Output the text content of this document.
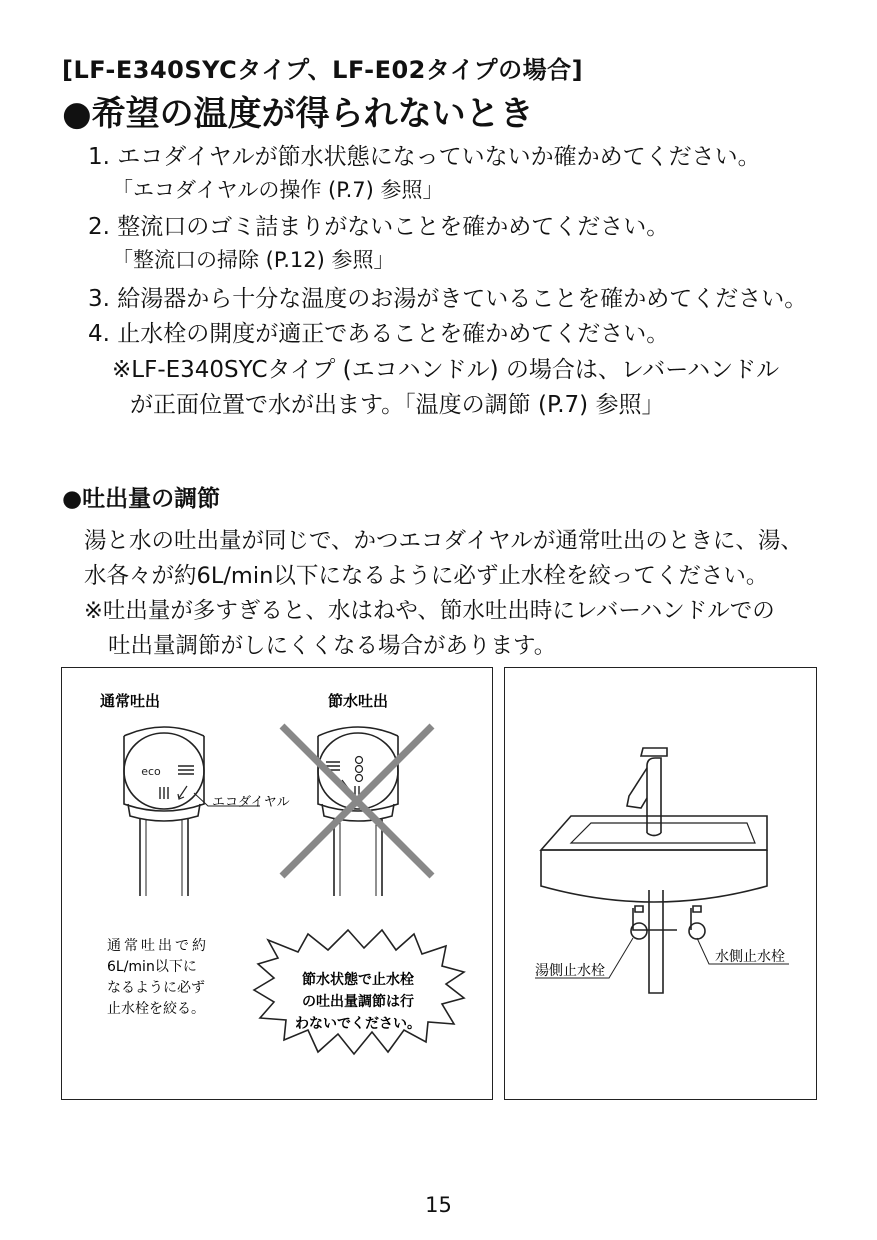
[LF-E340SYCタイプ、LF-E02タイプの場合]
●希望の温度が得られないとき
1. エコダイヤルが節水状態になっていないか確かめてください。
「エコダイヤルの操作 (P.7) 参照」
2. 整流口のゴミ詰まりがないことを確かめてください。
「整流口の掃除 (P.12) 参照」
3. 給湯器から十分な温度のお湯がきていることを確かめてください。
4. 止水栓の開度が適正であることを確かめてください。
※LF-E340SYCタイプ (エコハンドル) の場合は、レバーハンドル
が正面位置で水が出ます。「温度の調節 (P.7) 参照」
●吐出量の調節
湯と水の吐出量が同じで、かつエコダイヤルが通常吐出のときに、湯、
水各々が約6L/min以下になるように必ず止水栓を絞ってください。
※吐出量が多すぎると、水はねや、節水吐出時にレバーハンドルでの
吐出量調節がしにくくなる場合があります。
通常吐出	節水吐出
eco
エコダイヤル
通常吐出で約
6L/min以下に
なるように必ず
止水栓を絞る。
節水状態で止水栓
の吐出量調節は行
わないでください。
湯側止水栓
水側止水栓
15
